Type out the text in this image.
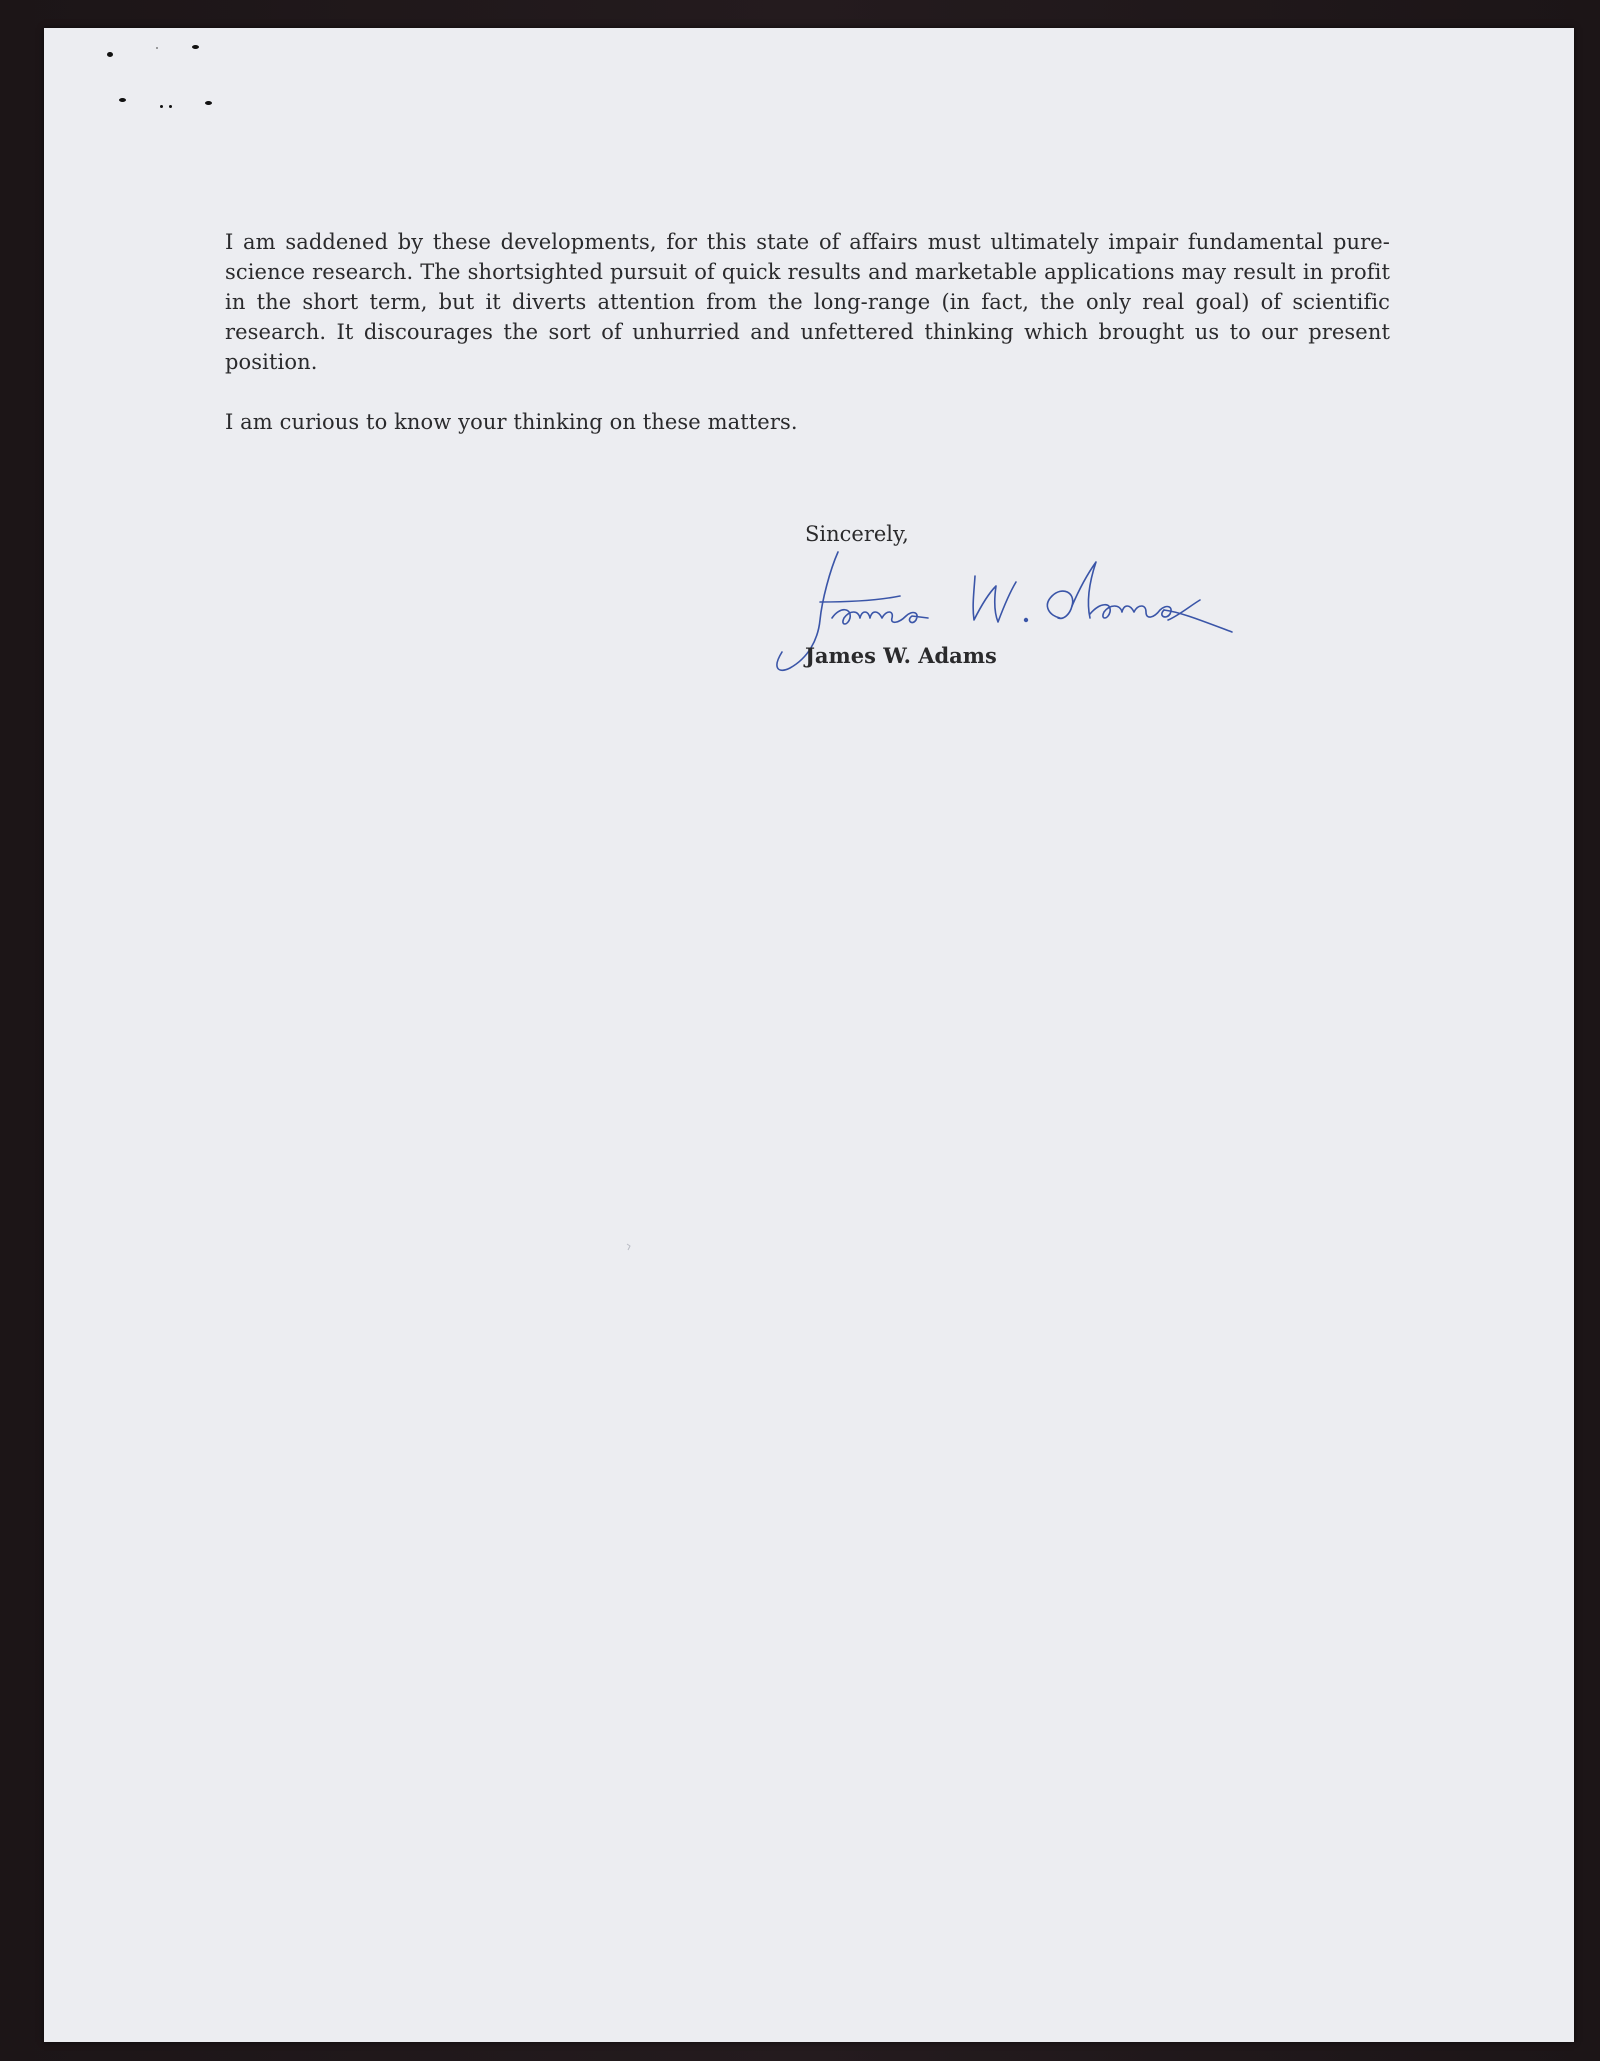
I am saddened by these developments, for this state of affairs must ultimately impair fundamental pure-science research. The shortsighted pursuit of quick results and marketable applications may result in profit in the short term, but it diverts attention from the long-range (in fact, the only real goal) of scientific research. It discourages the sort of unhurried and unfettered thinking which brought us to our present position.

I am curious to know your thinking on these matters.

Sincerely,
James W. Adams
